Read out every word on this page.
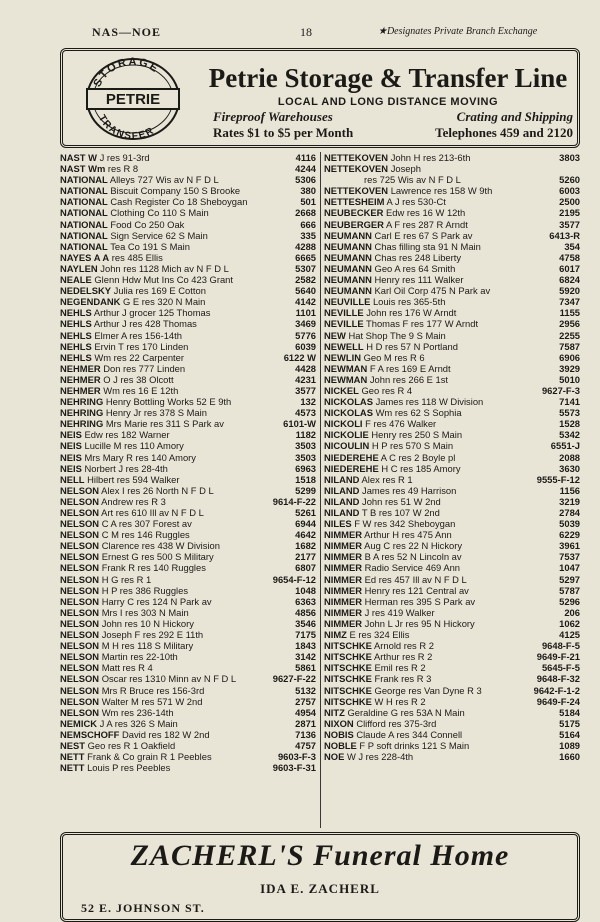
NAS—NOE	18	★Designates Private Branch Exchange
STORAGE
TRANSFER
PETRIE
Petrie Storage & Transfer Line
LOCAL AND LONG DISTANCE MOVING
Fireproof Warehouses	Crating and Shipping
Rates $1 to $5 per Month	Telephones 459 and 2120
NAST W J res 91-3rd	4116
NAST Wm res R 8	4244
NATIONAL Alleys 727 Wis av N F D L	5306
NATIONAL Biscuit Company 150 S Brooke	380
NATIONAL Cash Register Co 18 Sheboygan	501
NATIONAL Clothing Co 110 S Main	2668
NATIONAL Food Co 250 Oak	666
NATIONAL Sign Service 62 S Main	335
NATIONAL Tea Co 191 S Main	4288
NAYES A A res 485 Ellis	6665
NAYLEN John res 1128 Mich av N F D L	5307
NEALE Glenn Hdw Mut Ins Co 423 Grant	2582
NEDELSKY Julia res 169 E Cotton	5640
NEGENDANK G E res 320 N Main	4142
NEHLS Arthur J grocer 125 Thomas	1101
NEHLS Arthur J res 428 Thomas	3469
NEHLS Elmer A res 156-14th	5776
NEHLS Ervin T res 170 Linden	6039
NEHLS Wm res 22 Carpenter	6122 W
NEHMER Don res 777 Linden	4428
NEHMER O J res 38 Olcott	4231
NEHMER Wm res 16 E 12th	3577
NEHRING Henry Bottling Works 52 E 9th	132
NEHRING Henry Jr res 378 S Main	4573
NEHRING Mrs Marie res 311 S Park av	6101-W
NEIS Edw res 182 Warner	1182
NEIS Lucille M res 110 Amory	3503
NEIS Mrs Mary R res 140 Amory	3503
NEIS Norbert J res 28-4th	6963
NELL Hilbert res 594 Walker	1518
NELSON Alex I res 26 North N F D L	5299
NELSON Andrew res R 3	9614-F-22
NELSON Art res 610 Ill av N F D L	5261
NELSON C A res 307 Forest av	6944
NELSON C M res 146 Ruggles	4642
NELSON Clarence res 438 W Division	1682
NELSON Ernest G res 500 S Military	2177
NELSON Frank R res 140 Ruggles	6807
NELSON H G res R 1	9654-F-12
NELSON H P res 386 Ruggles	1048
NELSON Harry C res 124 N Park av	6363
NELSON Mrs I res 303 N Main	4856
NELSON John res 10 N Hickory	3546
NELSON Joseph F res 292 E 11th	7175
NELSON M H res 118 S Military	1843
NELSON Martin res 22-10th	3142
NELSON Matt res R 4	5861
NELSON Oscar res 1310 Minn av N F D L	9627-F-22
NELSON Mrs R Bruce res 156-3rd	5132
NELSON Walter M res 571 W 2nd	2757
NELSON Wm res 236-14th	4954
NEMICK J A res 326 S Main	2871
NEMSCHOFF David res 182 W 2nd	7136
NEST Geo res R 1 Oakfield	4757
NETT Frank & Co grain R 1 Peebles	9603-F-3
NETT Louis P res Peebles	9603-F-31
NETTEKOVEN John H res 213-6th	3803
NETTEKOVEN Joseph
res 725 Wis av N F D L	5260
NETTEKOVEN Lawrence res 158 W 9th	6003
NETTESHEIM A J res 530-Ct	2500
NEUBECKER Edw res 16 W 12th	2195
NEUBERGER A F res 287 R Arndt	3577
NEUMANN Carl E res 67 S Park av	6413-R
NEUMANN Chas filling sta 91 N Main	354
NEUMANN Chas res 248 Liberty	4758
NEUMANN Geo A res 64 Smith	6017
NEUMANN Henry res 111 Walker	6824
NEUMANN Karl Oil Corp 475 N Park av	5920
NEUVILLE Louis res 365-5th	7347
NEVILLE John res 176 W Arndt	1155
NEVILLE Thomas F res 177 W Arndt	2956
NEW Hat Shop The 9 S Main	2255
NEWELL H D res 57 N Portland	7587
NEWLIN Geo M res R 6	6906
NEWMAN F A res 169 E Arndt	3929
NEWMAN John res 266 E 1st	5010
NICKEL Geo res R 4	9627-F-3
NICKOLAS James res 118 W Division	7141
NICKOLAS Wm res 62 S Sophia	5573
NICKOLI F res 476 Walker	1528
NICKOLIE Henry res 250 S Main	5342
NICOULIN H P res 570 S Main	6551-J
NIEDEREHE A C res 2 Boyle pl	2088
NIEDEREHE H C res 185 Amory	3630
NILAND Alex res R 1	9555-F-12
NILAND James res 49 Harrison	1156
NILAND John res 51 W 2nd	3219
NILAND T B res 107 W 2nd	2784
NILES F W res 342 Sheboygan	5039
NIMMER Arthur H res 475 Ann	6229
NIMMER Aug C res 22 N Hickory	3961
NIMMER B A res 52 N Lincoln av	7537
NIMMER Radio Service 469 Ann	1047
NIMMER Ed res 457 Ill av N F D L	5297
NIMMER Henry res 121 Central av	5787
NIMMER Herman res 395 S Park av	5296
NIMMER J res 419 Walker	206
NIMMER John L Jr res 95 N Hickory	1062
NIMZ E res 324 Ellis	4125
NITSCHKE Arnold res R 2	9648-F-5
NITSCHKE Arthur res R 2	9649-F-21
NITSCHKE Emil res R 2	5645-F-5
NITSCHKE Frank res R 3	9648-F-32
NITSCHKE George res Van Dyne R 3	9642-F-1-2
NITSCHKE W H res R 2	9649-F-24
NITZ Geraldine G res 53A N Main	5184
NIXON Clifford res 375-3rd	5175
NOBIS Claude A res 344 Connell	5164
NOBLE F P soft drinks 121 S Main	1089
NOE W J res 228-4th	1660
ZACHERL'S Funeral Home
IDA E. ZACHERL
52 E. JOHNSON ST.
